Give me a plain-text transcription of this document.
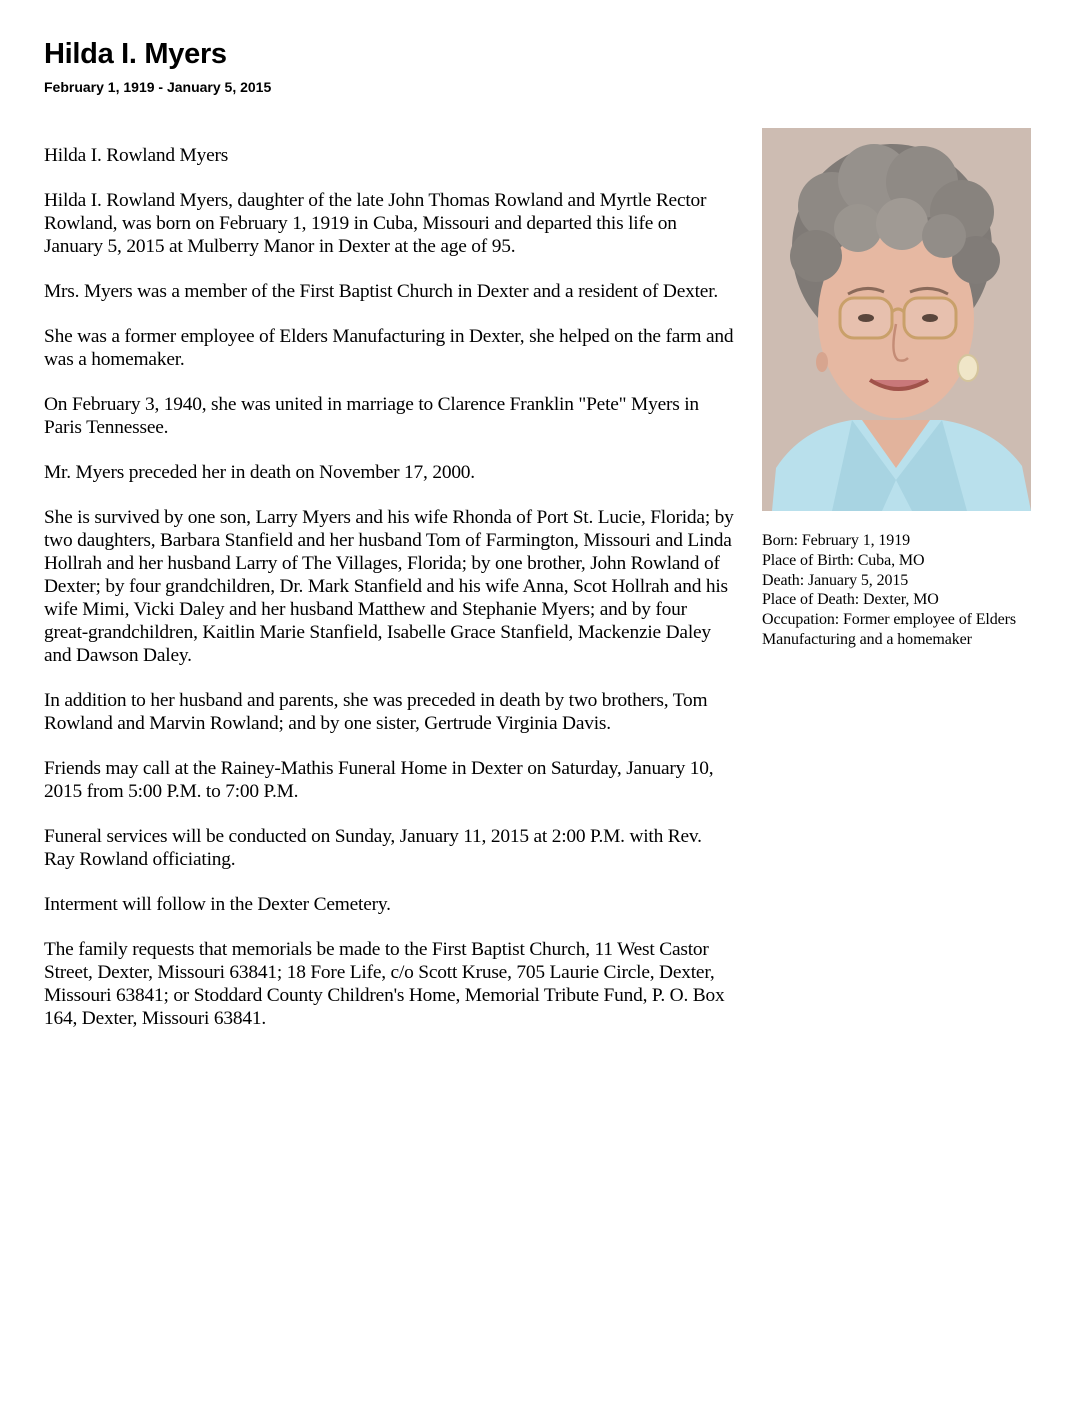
Hilda I. Myers
February 1, 1919 - January 5, 2015

Hilda I. Rowland Myers

Hilda I. Rowland Myers, daughter of the late John Thomas Rowland and Myrtle Rector Rowland, was born on February 1, 1919 in Cuba, Missouri and departed this life on January 5, 2015 at Mulberry Manor in Dexter at the age of 95.

Mrs. Myers was a member of the First Baptist Church in Dexter and a resident of Dexter.

She was a former employee of Elders Manufacturing in Dexter, she helped on the farm and was a homemaker.

On February 3, 1940, she was united in marriage to Clarence Franklin "Pete" Myers in Paris Tennessee.

Mr. Myers preceded her in death on November 17, 2000.

She is survived by one son, Larry Myers and his wife Rhonda of Port St. Lucie, Florida; by two daughters, Barbara Stanfield and her husband Tom of Farmington, Missouri and Linda Hollrah and her husband Larry of The Villages, Florida; by one brother, John Rowland of Dexter; by four grandchildren, Dr. Mark Stanfield and his wife Anna, Scot Hollrah and his wife Mimi, Vicki Daley and her husband Matthew and Stephanie Myers; and by four great-grandchildren, Kaitlin Marie Stanfield, Isabelle Grace Stanfield, Mackenzie Daley and Dawson Daley.

In addition to her husband and parents, she was preceded in death by two brothers, Tom Rowland and Marvin Rowland; and by one sister, Gertrude Virginia Davis.

Friends may call at the Rainey-Mathis Funeral Home in Dexter on Saturday, January 10, 2015 from 5:00 P.M. to 7:00 P.M.

Funeral services will be conducted on Sunday, January 11, 2015 at 2:00 P.M. with Rev. Ray Rowland officiating.

Interment will follow in the Dexter Cemetery.

The family requests that memorials be made to the First Baptist Church, 11 West Castor Street, Dexter, Missouri 63841; 18 Fore Life, c/o Scott Kruse, 705 Laurie Circle, Dexter, Missouri 63841; or Stoddard County Children's Home, Memorial Tribute Fund, P. O. Box 164, Dexter, Missouri 63841.

Born: February 1, 1919
Place of Birth: Cuba, MO
Death: January 5, 2015
Place of Death: Dexter, MO
Occupation: Former employee of Elders Manufacturing and a homemaker
